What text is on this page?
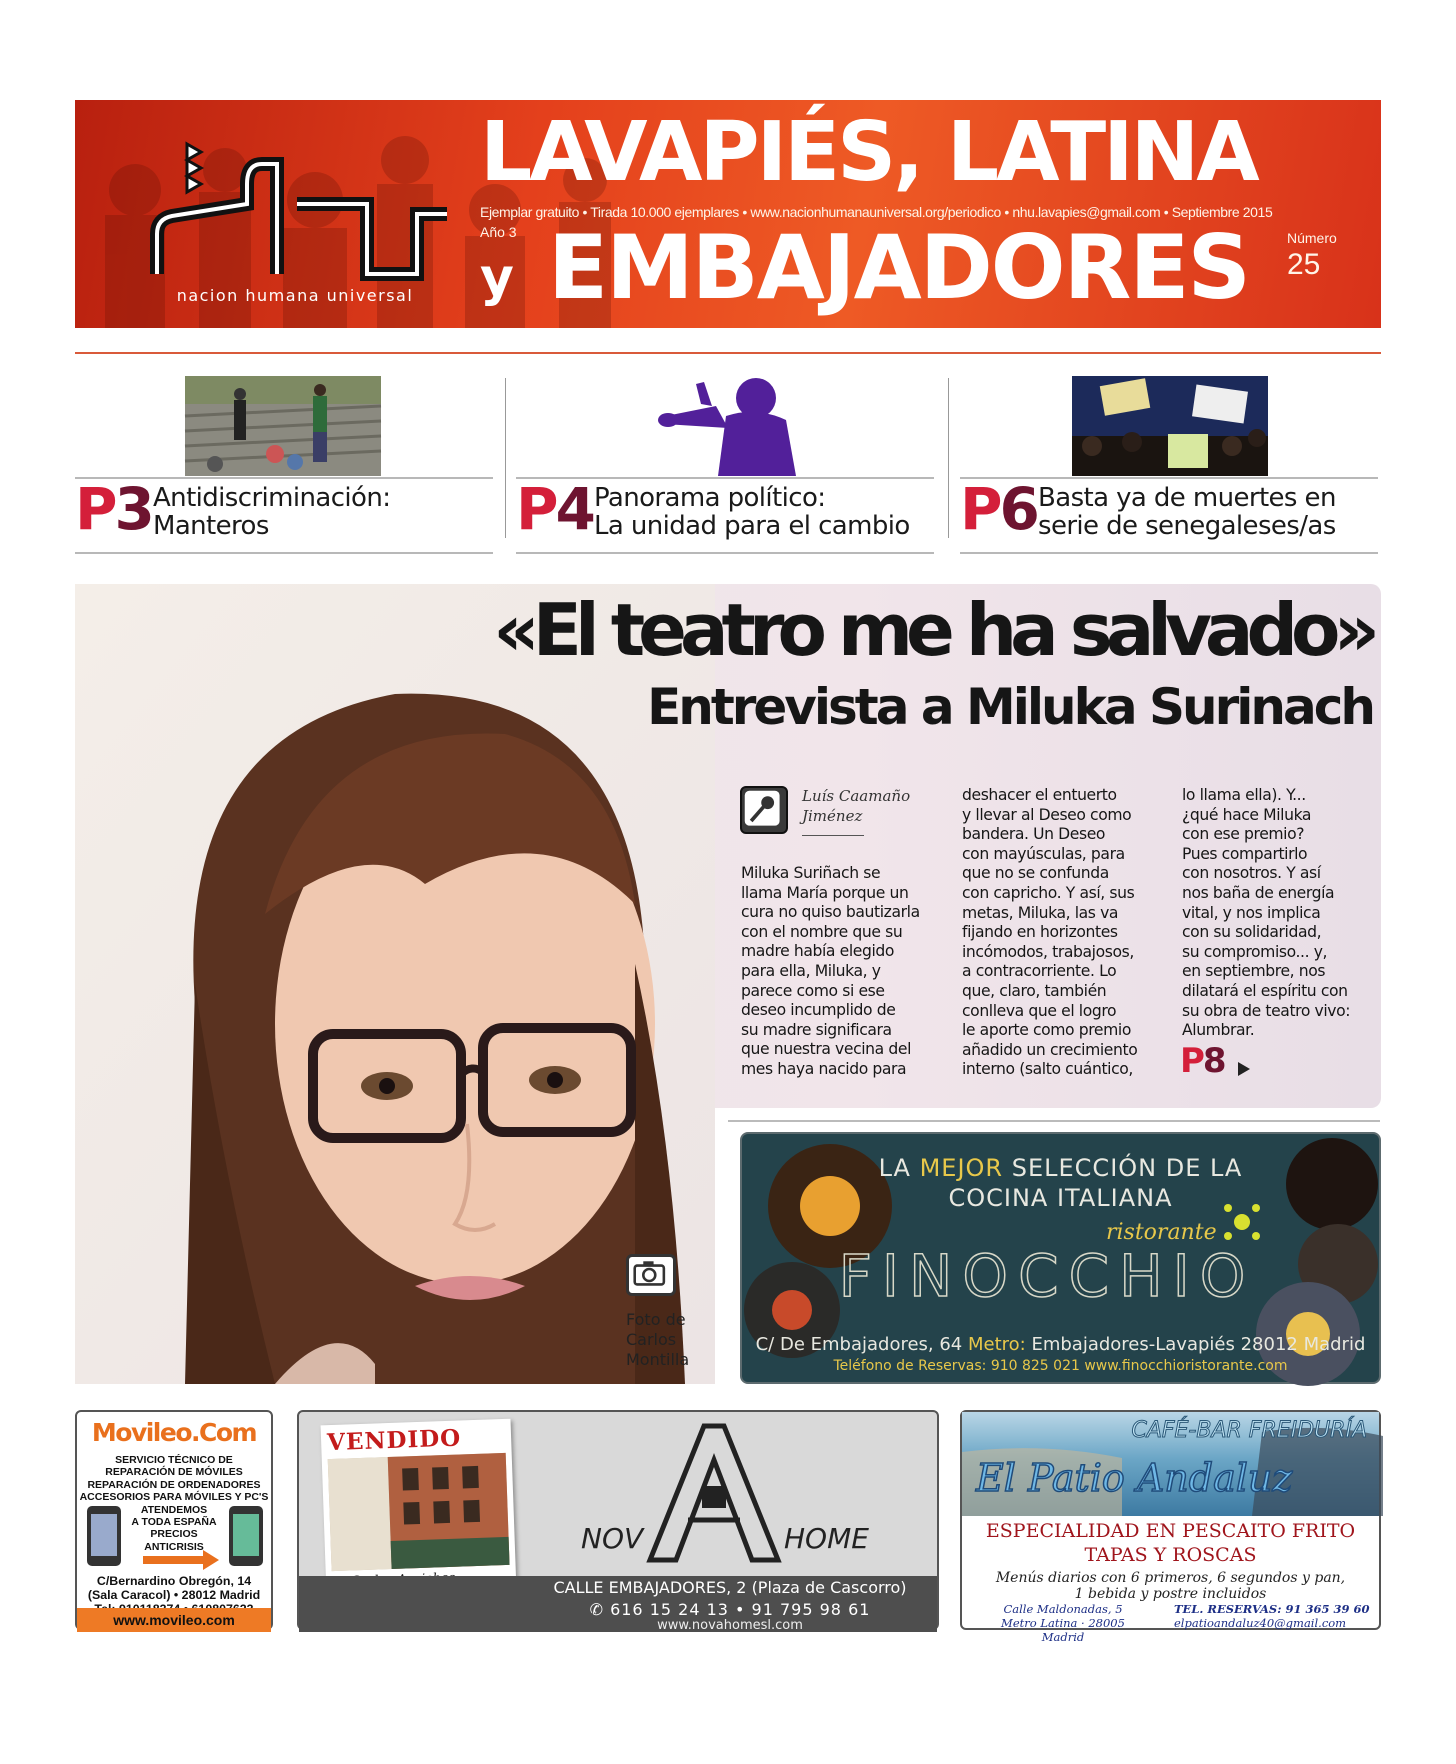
nacion humana universal
LAVAPIÉS, LATINA
Ejemplar gratuito • Tirada 10.000 ejemplares • www.nacionhumanauniversal.org/periodico • nhu.lavapies@gmail.com • Septiembre 2015
Año 3
y EMBAJADORES	Número
25
P3 Antidiscriminación:
Manteros	P4 Panorama político:
La unidad para el cambio P6 Basta ya de muertes en
serie de senegaleses/as
«El teatro me ha salvado»
Entrevista a Miluka Surinach
Luís Caamaño
Jiménez

Miluka Suriñach se

llama María porque un

cura no quiso bautizarla

con el nombre que su

madre había elegido

para ella, Miluka, y

parece como si ese

deseo incumplido de

su madre significara

que nuestra vecina del

mes haya nacido para

deshacer el entuerto

y llevar al Deseo como

bandera. Un Deseo

con mayúsculas, para

que no se confunda

con capricho. Y así, sus

metas, Miluka, las va

fijando en horizontes

incómodos, trabajosos,

a contracorriente. Lo

que, claro, también

conlleva que el logro

le aporte como premio

añadido un crecimiento

interno (salto cuántico,

lo llama ella). Y...

¿qué hace Miluka

con ese premio?

Pues compartirlo

con nosotros. Y así

nos baña de energía

vital, y nos implica

con su solidaridad,

su compromiso... y,

en septiembre, nos

dilatará el espíritu con

su obra de teatro vivo:

Alumbrar.

P8
Foto de
Carlos
Montilla
LA MEJOR SELECCIÓN DE LA
COCINA ITALIANA
ristorante
FINOCCHIO
C/ De Embajadores, 64 Metro: Embajadores-Lavapiés 28012 Madrid
Teléfono de Reservas: 910 825 021 www.finocchioristorante.com
Movileo.Com
SERVICIO TÉCNICO DE
REPARACIÓN DE MÓVILES
REPARACIÓN DE ORDENADORES
ACCESORIOS PARA MÓVILES Y PC'S
ATENDEMOS
A TODA ESPAÑA
PRECIOS
ANTICRISIS
C/Bernardino Obregón, 14
(Sala Caracol) • 28012 Madrid
www.movileo.com
VENDIDO
NOV	HOME
CALLE EMBAJADORES, 2 (Plaza de Cascorro)
✆ 616 15 24 13 • 91 795 98 61
www.novahomesl.com
CAFÉ-BAR FREIDURÍA
El Patio Andaluz
ESPECIALIDAD EN PESCAITO FRITO
TAPAS Y ROSCAS
Menús diarios con 6 primeros, 6 segundos y pan,
1 bebida y postre incluidos
Calle Maldonadas, 5
Metro Latina · 28005 Madrid
TEL. RESERVAS: 91 365 39 60
elpatioandaluz40@gmail.com
